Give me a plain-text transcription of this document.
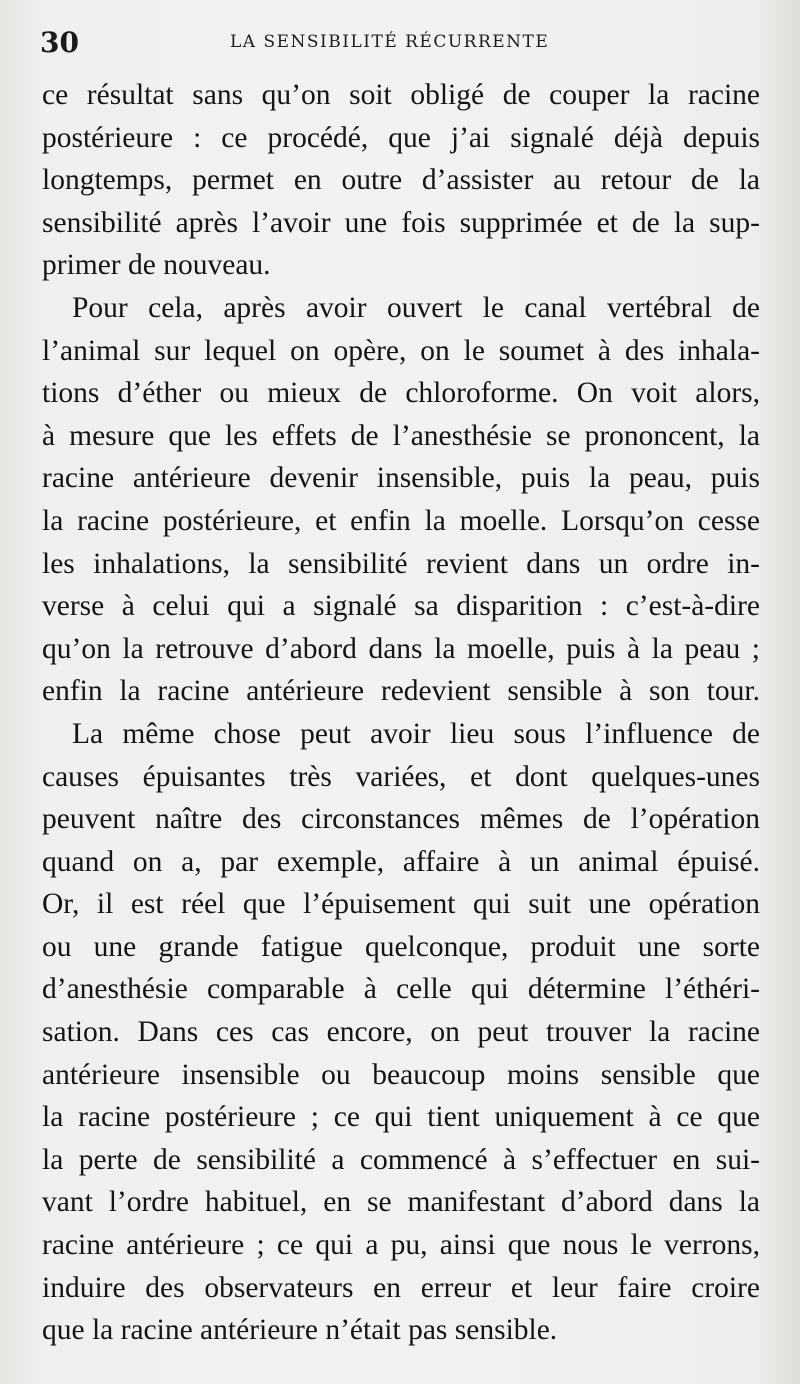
30	LA SENSIBILITÉ RÉCURRENTE
ce résultat sans qu’on soit obligé de couper la racine
postérieure : ce procédé, que j’ai signalé déjà depuis
longtemps, permet en outre d’assister au retour de la
sensibilité après l’avoir une fois supprimée et de la sup-
primer de nouveau.
Pour cela, après avoir ouvert le canal vertébral de
l’animal sur lequel on opère, on le soumet à des inhala-
tions d’éther ou mieux de chloroforme. On voit alors,
à mesure que les effets de l’anesthésie se prononcent, la
racine antérieure devenir insensible, puis la peau, puis
la racine postérieure, et enfin la moelle. Lorsqu’on cesse
les inhalations, la sensibilité revient dans un ordre in-
verse à celui qui a signalé sa disparition : c’est-à-dire
qu’on la retrouve d’abord dans la moelle, puis à la peau ;
enfin la racine antérieure redevient sensible à son tour.
La même chose peut avoir lieu sous l’influence de
causes épuisantes très variées, et dont quelques-unes
peuvent naître des circonstances mêmes de l’opération
quand on a, par exemple, affaire à un animal épuisé.
Or, il est réel que l’épuisement qui suit une opération
ou une grande fatigue quelconque, produit une sorte
d’anesthésie comparable à celle qui détermine l’éthéri-
sation. Dans ces cas encore, on peut trouver la racine
antérieure insensible ou beaucoup moins sensible que
la racine postérieure ; ce qui tient uniquement à ce que
la perte de sensibilité a commencé à s’effectuer en sui-
vant l’ordre habituel, en se manifestant d’abord dans la
racine antérieure ; ce qui a pu, ainsi que nous le verrons,
induire des observateurs en erreur et leur faire croire
que la racine antérieure n’était pas sensible.
